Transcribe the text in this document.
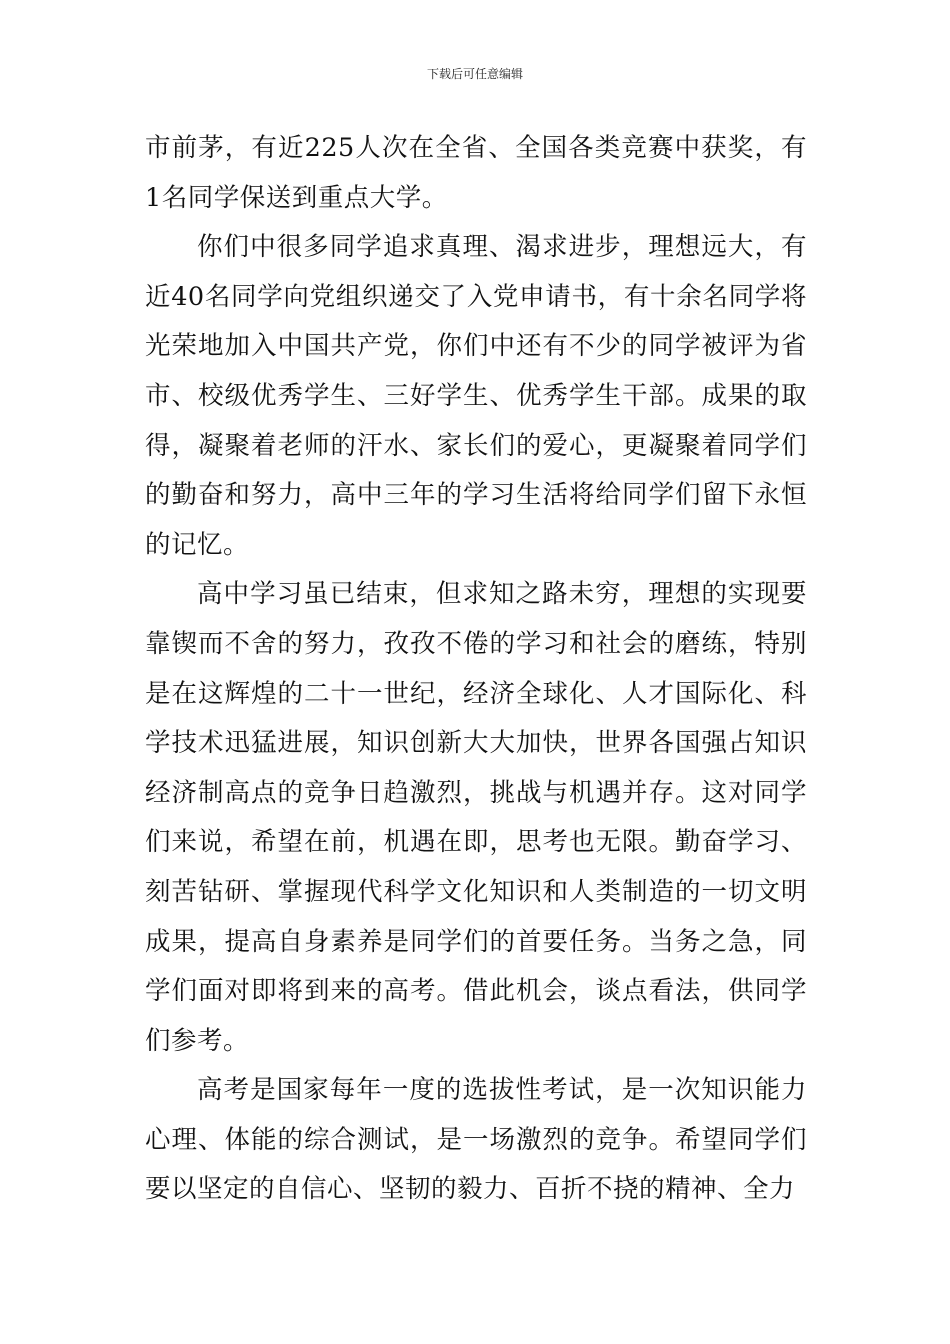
下载后可任意编辑

市前茅，有近225人次在全省、全国各类竞赛中获奖，有1名同学保送到重点大学。

你们中很多同学追求真理、渴求进步，理想远大，有近40名同学向党组织递交了入党申请书，有十余名同学将光荣地加入中国共产党，你们中还有不少的同学被评为省市、校级优秀学生、三好学生、优秀学生干部。成果的取得，凝聚着老师的汗水、家长们的爱心，更凝聚着同学们的勤奋和努力，高中三年的学习生活将给同学们留下永恒的记忆。

高中学习虽已结束，但求知之路未穷，理想的实现要靠锲而不舍的努力，孜孜不倦的学习和社会的磨练，特别是在这辉煌的二十一世纪，经济全球化、人才国际化、科学技术迅猛进展，知识创新大大加快，世界各国强占知识经济制高点的竞争日趋激烈，挑战与机遇并存。这对同学们来说，希望在前，机遇在即，思考也无限。勤奋学习、刻苦钻研、掌握现代科学文化知识和人类制造的一切文明成果，提高自身素养是同学们的首要任务。当务之急，同学们面对即将到来的高考。借此机会，谈点看法，供同学们参考。

高考是国家每年一度的选拔性考试，是一次知识能力心理、体能的综合测试，是一场激烈的竞争。希望同学们要以坚定的自信心、坚韧的毅力、百折不挠的精神、全力
